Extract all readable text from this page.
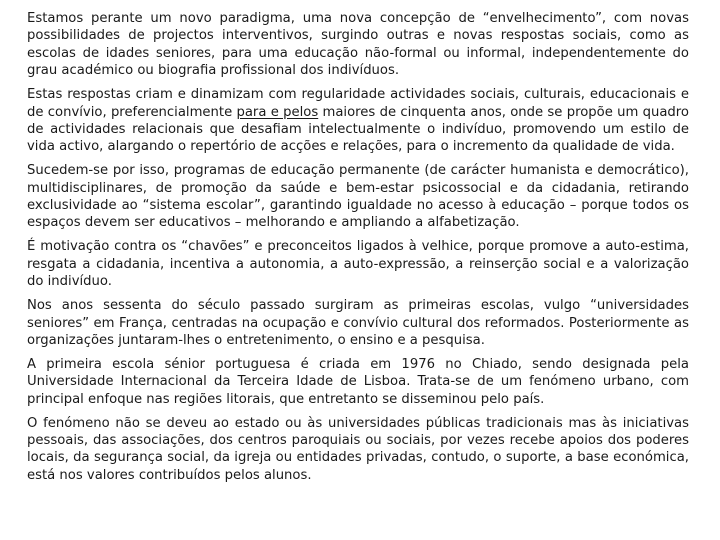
Estamos perante um novo paradigma, uma nova concepção de “envelhecimento”, com novas possibilidades de projectos interventivos, surgindo outras e novas respostas sociais, como as escolas de idades seniores, para uma educação não-formal ou informal, independentemente do grau académico ou biografia profissional dos indivíduos.

Estas respostas criam e dinamizam com regularidade actividades sociais, culturais, educacionais e de convívio, preferencialmente para e pelos maiores de cinquenta anos, onde se propõe um quadro de actividades relacionais que desafiam intelectualmente o indivíduo, promovendo um estilo de vida activo, alargando o repertório de acções e relações, para o incremento da qualidade de vida.

Sucedem-se por isso, programas de educação permanente (de carácter humanista e democrático), multidisciplinares, de promoção da saúde e bem-estar psicossocial e da cidadania, retirando exclusividade ao “sistema escolar”, garantindo igualdade no acesso à educação – porque todos os espaços devem ser educativos – melhorando e ampliando a alfabetização.

É motivação contra os “chavões” e preconceitos ligados à velhice, porque promove a auto-estima, resgata a cidadania, incentiva a autonomia, a auto-expressão, a reinserção social e a valorização do indivíduo.

Nos anos sessenta do século passado surgiram as primeiras escolas, vulgo “universidades seniores” em França, centradas na ocupação e convívio cultural dos reformados. Posteriormente as organizações juntaram-lhes o entretenimento, o ensino e a pesquisa.

A primeira escola sénior portuguesa é criada em 1976 no Chiado, sendo designada pela Universidade Internacional da Terceira Idade de Lisboa. Trata-se de um fenómeno urbano, com principal enfoque nas regiões litorais, que entretanto se disseminou pelo país.

O fenómeno não se deveu ao estado ou às universidades públicas tradicionais mas às iniciativas pessoais, das associações, dos centros paroquiais ou sociais, por vezes recebe apoios dos poderes locais, da segurança social, da igreja ou entidades privadas, contudo, o suporte, a base económica, está nos valores contribuídos pelos alunos.
